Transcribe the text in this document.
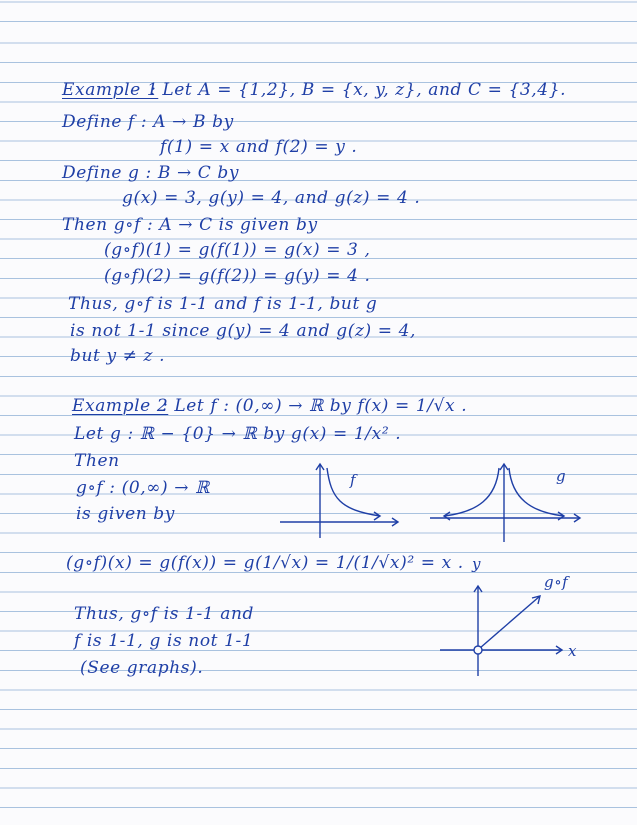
Example 1
: Let A = {1,2}, B = {x, y, z}, and C = {3,4}.
Define f : A → B by
f(1) = x and f(2) = y .
Define g : B → C by
g(x) = 3, g(y) = 4, and g(z) = 4 .
Then g∘f : A → C is given by
(g∘f)(1) = g(f(1)) = g(x) = 3 ,
(g∘f)(2) = g(f(2)) = g(y) = 4 .
Thus, g∘f is 1-1 and f is 1-1, but g
is not 1-1 since g(y) = 4 and g(z) = 4,
but y ≠ z .
Example 2
: Let f : (0,∞) → ℝ by f(x) = 1/√x .
Let g : ℝ − {0} → ℝ by g(x) = 1/x² .
Then
g∘f : (0,∞) → ℝ
is given by
(g∘f)(x) = g(f(x)) = g(1/√x) = 1/(1/√x)² = x .
Thus, g∘f is 1-1 and
f is 1-1, g is not 1-1
(See graphs).
f	g
g∘f
y
x
